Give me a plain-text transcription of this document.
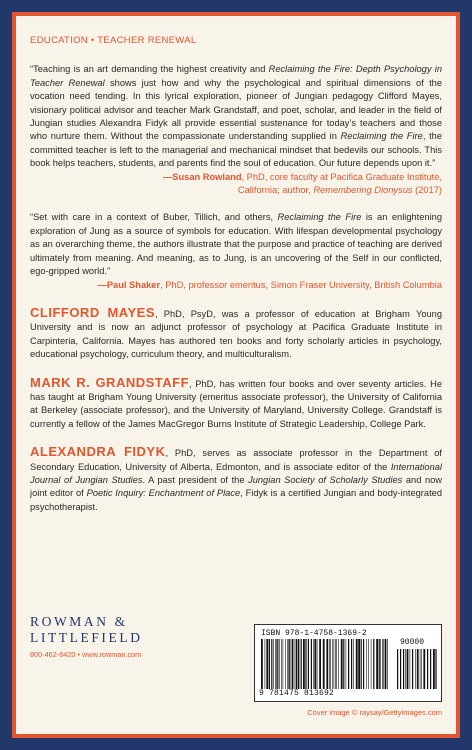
EDUCATION • TEACHER RENEWAL

“Teaching is an art demanding the highest creativity and Reclaiming the Fire: Depth Psychology in Teacher Renewal shows just how and why the psychological and spiritual dimensions of the vocation need tending. In this lyrical exploration, pioneer of Jungian pedagogy Clifford Mayes, visionary political advisor and teacher Mark Grandstaff, and poet, scholar, and leader in the field of Jungian studies Alexandra Fidyk all provide essential sustenance for today’s teachers and those who nurture them. Without the compassionate understanding supplied in Reclaiming the Fire, the committed teacher is left to the managerial and mechanical mindset that bedevils our schools. This book helps teachers, students, and parents find the soul of education. Our future depends upon it.”

—Susan Rowland, PhD, core faculty at Pacifica Graduate Institute,
California; author, Remembering Dionysus (2017)

“Set with care in a context of Buber, Tillich, and others, Reclaiming the Fire is an enlightening exploration of Jung as a source of symbols for education. With lifespan developmental psychology as an overarching theme, the authors illustrate that the purpose and practice of teaching are derived ultimately from meaning. And meaning, as to Jung, is an uncovering of the Self in our conflicted, ego-gripped world.”

—Paul Shaker, PhD, professor emeritus, Simon Fraser University, British Columbia

CLIFFORD MAYES, PhD, PsyD, was a professor of education at Brigham Young University and is now an adjunct professor of psychology at Pacifica Graduate Institute in Carpinteria, California. Mayes has authored ten books and forty scholarly articles in psychology, educational psychology, curriculum theory, and multiculturalism.

MARK R. GRANDSTAFF, PhD, has written four books and over seventy articles. He has taught at Brigham Young University (emeritus associate professor), the University of California at Berkeley (associate professor), and the University of Maryland, University College. Grandstaff is currently a fellow of the James MacGregor Burns Institute of Strategic Leadership, College Park.

ALEXANDRA FIDYK, PhD, serves as associate professor in the Department of Secondary Education, University of Alberta, Edmonton, and is associate editor of the International Journal of Jungian Studies. A past president of the Jungian Society of Scholarly Studies and now joint editor of Poetic Inquiry: Enchantment of Place, Fidyk is a certified Jungian and body-integrated psychotherapist.

ROWMAN &
LITTLEFIELD
800-462-6420 • www.rowman.com
ISBN 978-1-4758-1369-2
90000
9 781475 813692
Cover image © raysay/Gettyimages.com
